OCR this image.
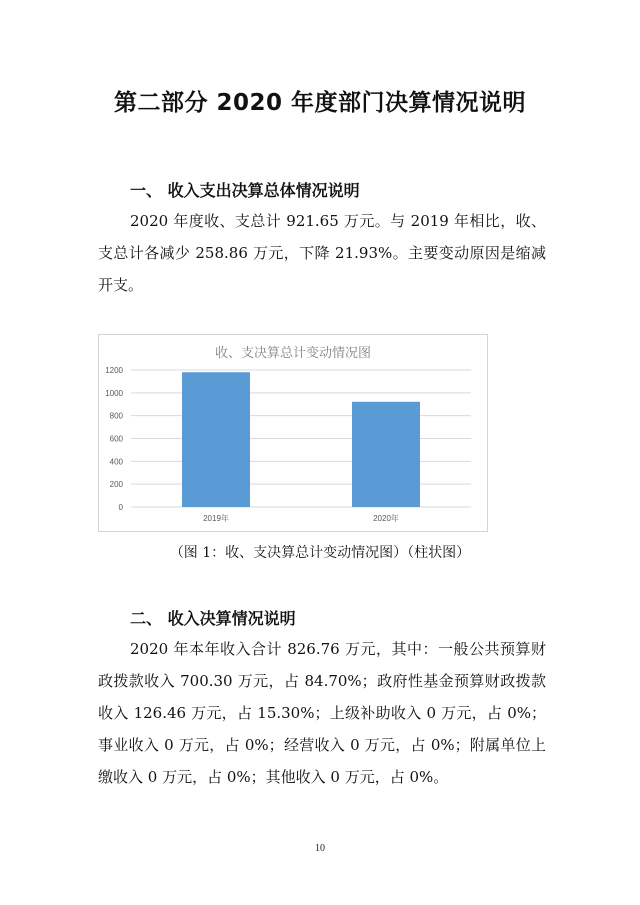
第二部分 2020 年度部门决算情况说明
一、 收入支出决算总体情况说明
2020 年度收、支总计 921.65 万元。与 2019 年相比，收、支总计各减少 258.86 万元，下降 21.93%。主要变动原因是缩减开支。
收、支决算总计变动情况图
0
200
400
600
800
1000
1200
2019年	2020年
（图 1：收、支决算总计变动情况图）（柱状图）
二、 收入决算情况说明
2020 年本年收入合计 826.76 万元，其中：一般公共预算财政拨款收入 700.30 万元，占 84.70%；政府性基金预算财政拨款收入 126.46 万元，占 15.30%；上级补助收入 0 万元，占 0%；事业收入 0 万元，占 0%；经营收入 0 万元，占 0%；附属单位上缴收入 0 万元，占 0%；其他收入 0 万元，占 0%。
10
